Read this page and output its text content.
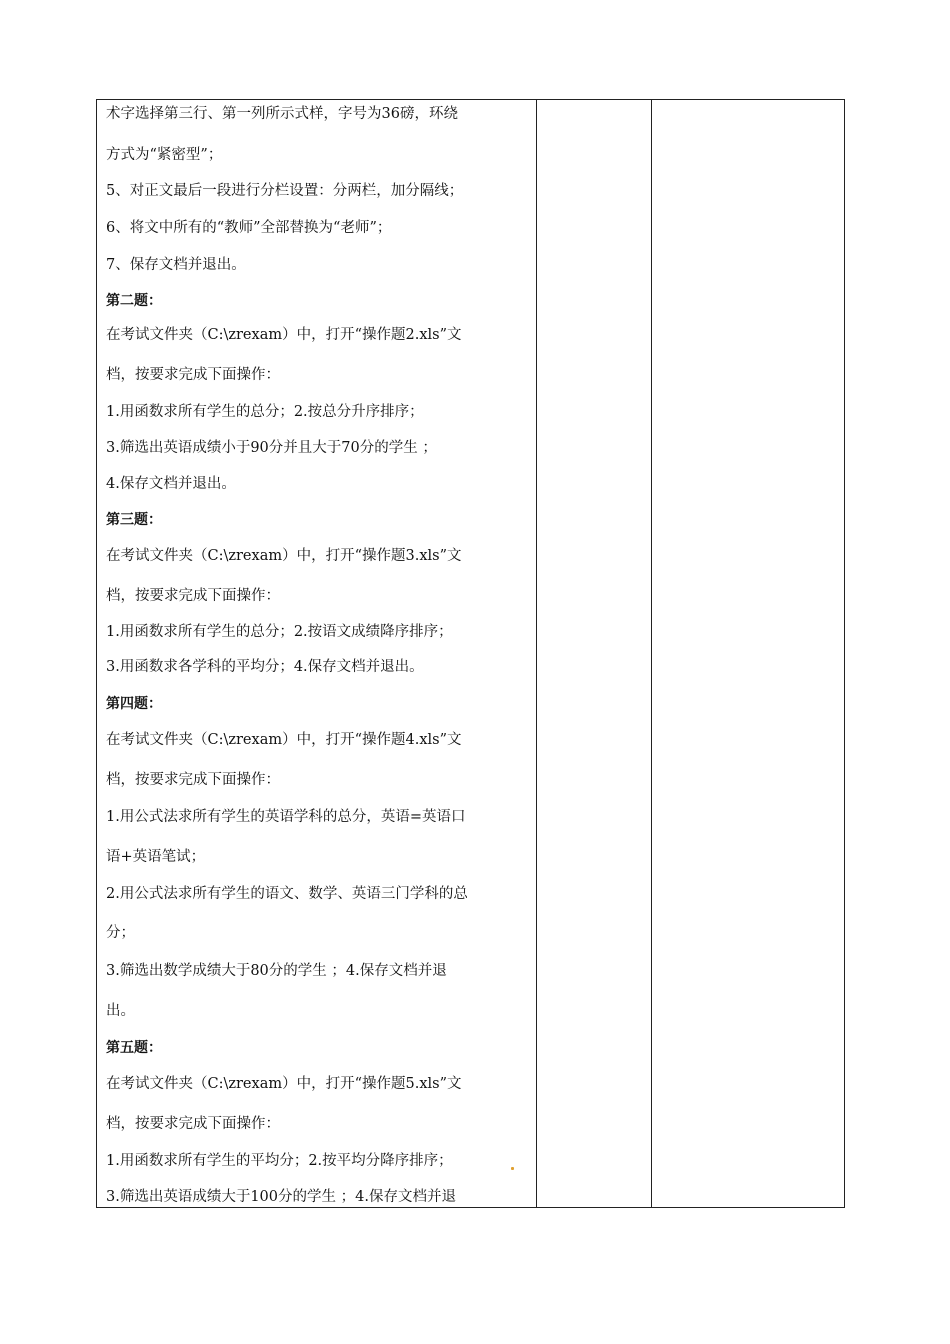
术字选择第三行、第一列所示式样，字号为36磅，环绕
方式为“紧密型”；
5、对正文最后一段进行分栏设置：分两栏，加分隔线；
6、将文中所有的“教师”全部替换为“老师”；
7、保存文档并退出。
第二题：
在考试文件夹（C:\zrexam）中，打开“操作题2.xls”文
档，按要求完成下面操作：
1.用函数求所有学生的总分；2.按总分升序排序；
3.筛选出英语成绩小于90分并且大于70分的学生 ；
4.保存文档并退出。
第三题：
在考试文件夹（C:\zrexam）中，打开“操作题3.xls”文
档，按要求完成下面操作：
1.用函数求所有学生的总分；2.按语文成绩降序排序；
3.用函数求各学科的平均分；4.保存文档并退出。
第四题：
在考试文件夹（C:\zrexam）中，打开“操作题4.xls”文
档，按要求完成下面操作：
1.用公式法求所有学生的英语学科的总分，英语=英语口
语+英语笔试；
2.用公式法求所有学生的语文、数学、英语三门学科的总
分；
3.筛选出数学成绩大于80分的学生 ；4.保存文档并退
出。
第五题：
在考试文件夹（C:\zrexam）中，打开“操作题5.xls”文
档，按要求完成下面操作：
1.用函数求所有学生的平均分；2.按平均分降序排序；
3.筛选出英语成绩大于100分的学生 ；4.保存文档并退
